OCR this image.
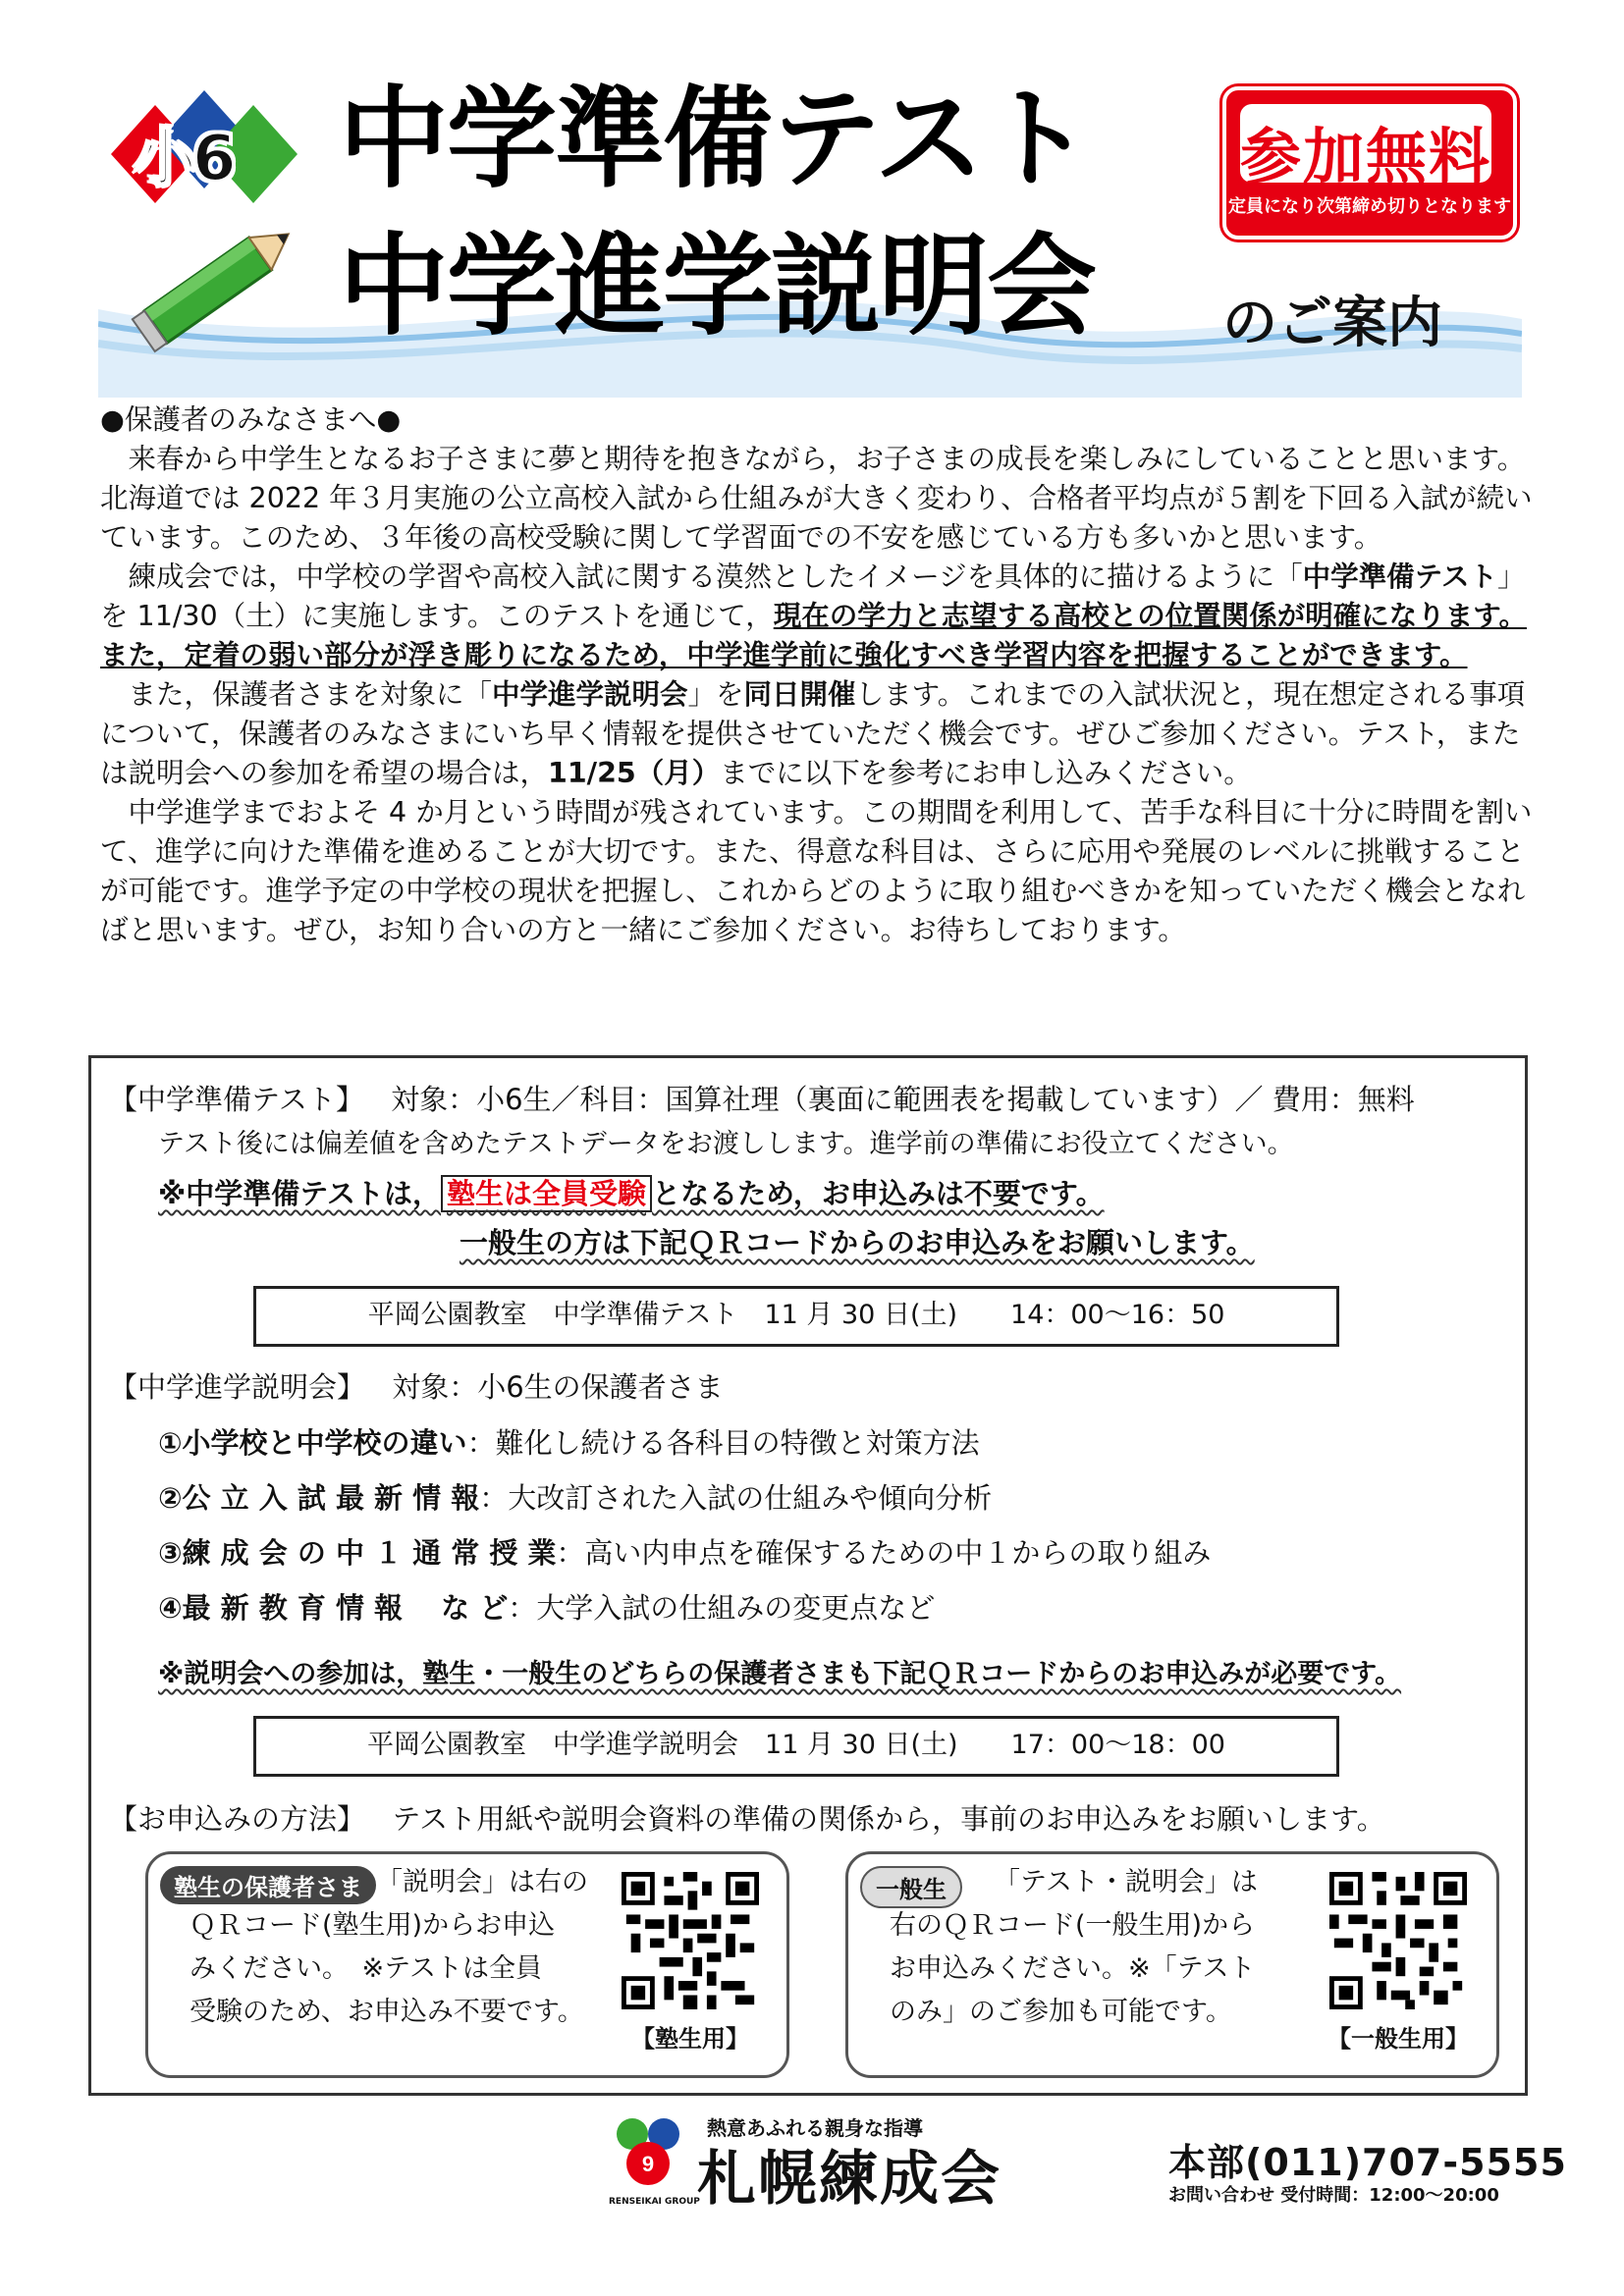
小6 中学準備テスト
中学進学説明会 のご案内
参加無料
定員になり次第締め切りとなります

●保護者のみなさまへ●

来春から中学生となるお子さまに夢と期待を抱きながら，お子さまの成長を楽しみにしていることと思います。北海道では 2022 年３月実施の公立高校入試から仕組みが大きく変わり、合格者平均点が５割を下回る入試が続いています。このため、３年後の高校受験に関して学習面での不安を感じている方も多いかと思います。

練成会では，中学校の学習や高校入試に関する漠然としたイメージを具体的に描けるように「中学準備テスト」を 11/30（土）に実施します。このテストを通じて，現在の学力と志望する高校との位置関係が明確になります。また，定着の弱い部分が浮き彫りになるため，中学進学前に強化すべき学習内容を把握することができます。

また，保護者さまを対象に「中学進学説明会」を同日開催します。これまでの入試状況と，現在想定される事項について，保護者のみなさまにいち早く情報を提供させていただく機会です。ぜひご参加ください。テスト，または説明会への参加を希望の場合は，11/25（月）までに以下を参考にお申し込みください。

中学進学までおよそ 4 か月という時間が残されています。この期間を利用して、苦手な科目に十分に時間を割いて、進学に向けた準備を進めることが大切です。また、得意な科目は、さらに応用や発展のレベルに挑戦することが可能です。進学予定の中学校の現状を把握し、これからどのように取り組むべきかを知っていただく機会となればと思います。ぜひ，お知り合いの方と一緒にご参加ください。お待ちしております。

【中学準備テスト】 対象：小6生／科目：国算社理（裏面に範囲表を掲載しています）／ 費用：無料
テスト後には偏差値を含めたテストデータをお渡しします。進学前の準備にお役立てください。
※中学準備テストは， 塾生は全員受験 となるため，お申込みは不要です。
一般生の方は下記ＱＲコードからのお申込みをお願いします。
平岡公園教室　中学準備テスト　11 月 30 日(土)　　14：00～16：50
【中学進学説明会】 対象：小6生の保護者さま
①小学校と中学校の違い：難化し続ける各科目の特徴と対策方法
②公 立 入 試 最 新 情 報：大改訂された入試の仕組みや傾向分析
③練 成 会 の 中 １ 通 常 授 業：高い内申点を確保するための中１からの取り組み
④最 新 教 育 情 報　 な ど：大学入試の仕組みの変更点など
※説明会への参加は，塾生・一般生のどちらの保護者さまも下記ＱＲコードからのお申込みが必要です。
平岡公園教室　中学進学説明会　11 月 30 日(土)　　17：00～18：00
【お申込みの方法】 テスト用紙や説明会資料の準備の関係から，事前のお申込みをお願いします。
塾生の保護者さま 「説明会」は右の
ＱＲコード(塾生用)からお申込
みください。　※テストは全員
受験のため、お申込み不要です。
【塾生用】
一般生	「テスト・説明会」は
右のＱＲコード(一般生用)から
お申込みください。※「テスト
のみ」のご参加も可能です。
【一般生用】
9
熱意あふれる親身な指導
札幌練成会
RENSEIKAI GROUP
本部(011)707-5555
お問い合わせ 受付時間：12:00～20:00
